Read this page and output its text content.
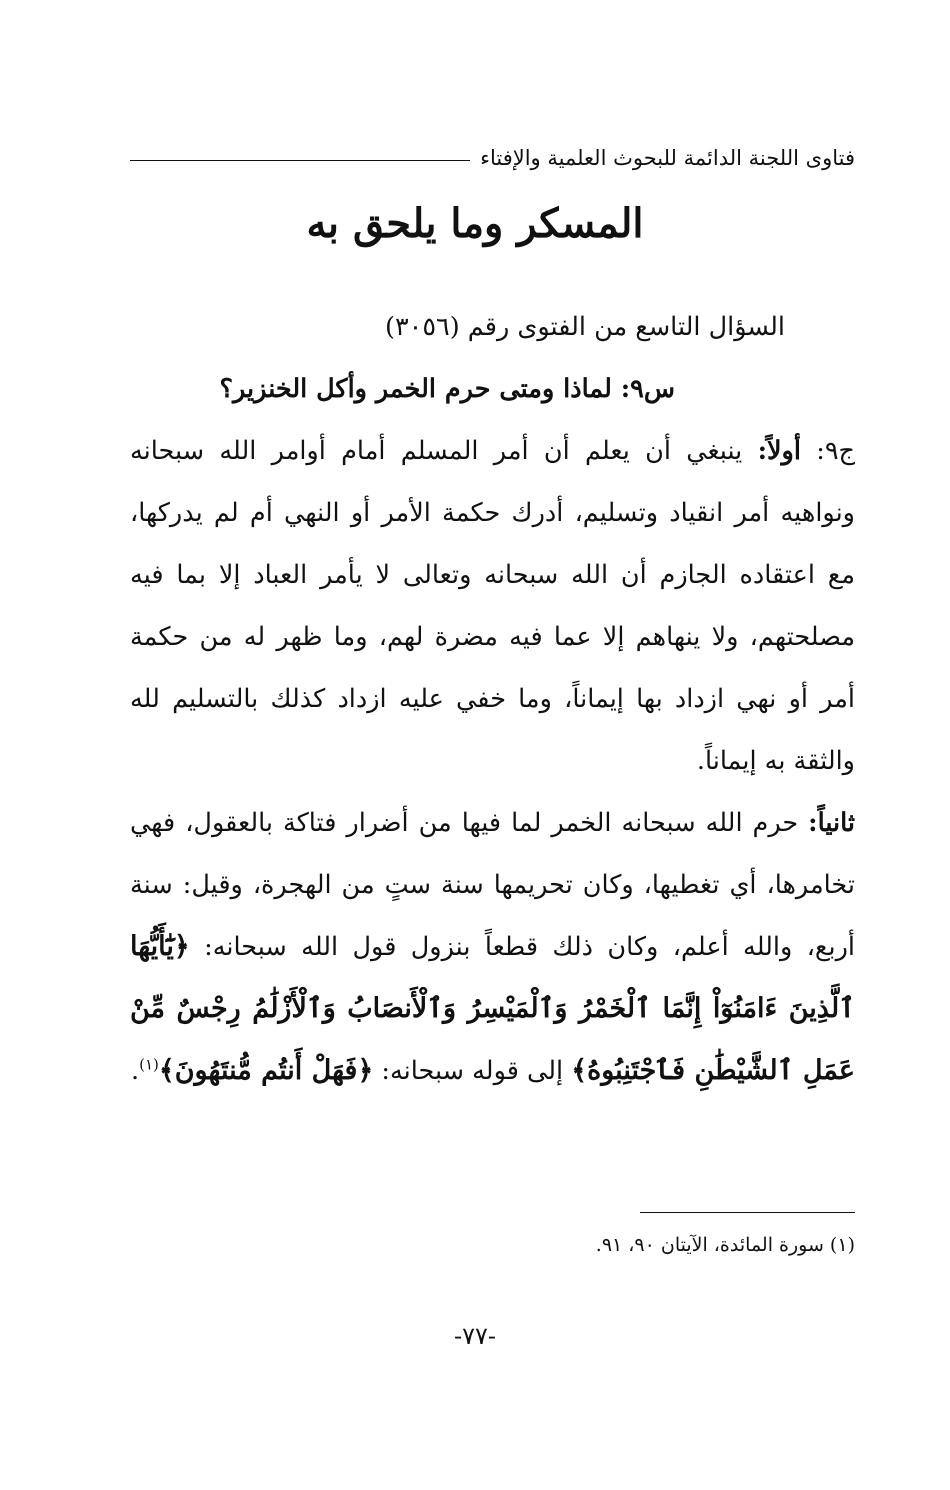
فتاوى اللجنة الدائمة للبحوث العلمية والإفتاء
المسكر وما يلحق به

السؤال التاسع من الفتوى رقم (٣٠٥٦)

س٩: لماذا ومتى حرم الخمر وأكل الخنزير؟

ج٩: أولاً: ينبغي أن يعلم أن أمر المسلم أمام أوامر الله سبحانه ونواهيه أمر انقياد وتسليم، أدرك حكمة الأمر أو النهي أم لم يدركها، مع اعتقاده الجازم أن الله سبحانه وتعالى لا يأمر العباد إلا بما فيه مصلحتهم، ولا ينهاهم إلا عما فيه مضرة لهم، وما ظهر له من حكمة أمر أو نهي ازداد بها إيماناً، وما خفي عليه ازداد كذلك بالتسليم لله والثقة به إيماناً.

ثانياً: حرم الله سبحانه الخمر لما فيها من أضرار فتاكة بالعقول، فهي تخامرها، أي تغطيها، وكان تحريمها سنة ستٍ من الهجرة، وقيل: سنة أربع، والله أعلم، وكان ذلك قطعاً بنزول قول الله سبحانه: ﴿يَٰٓأَيُّهَا ٱلَّذِينَ ءَامَنُوٓاْ إِنَّمَا ٱلْخَمْرُ وَٱلْمَيْسِرُ وَٱلْأَنصَابُ وَٱلْأَزْلَٰمُ رِجْسٌ مِّنْ عَمَلِ ٱلشَّيْطَٰنِ فَٱجْتَنِبُوهُ﴾ إلى قوله سبحانه: ﴿فَهَلْ أَنتُم مُّنتَهُونَ﴾$^{(١)}$.

(١) سورة المائدة، الآيتان ٩٠، ٩١.
-٧٧-
